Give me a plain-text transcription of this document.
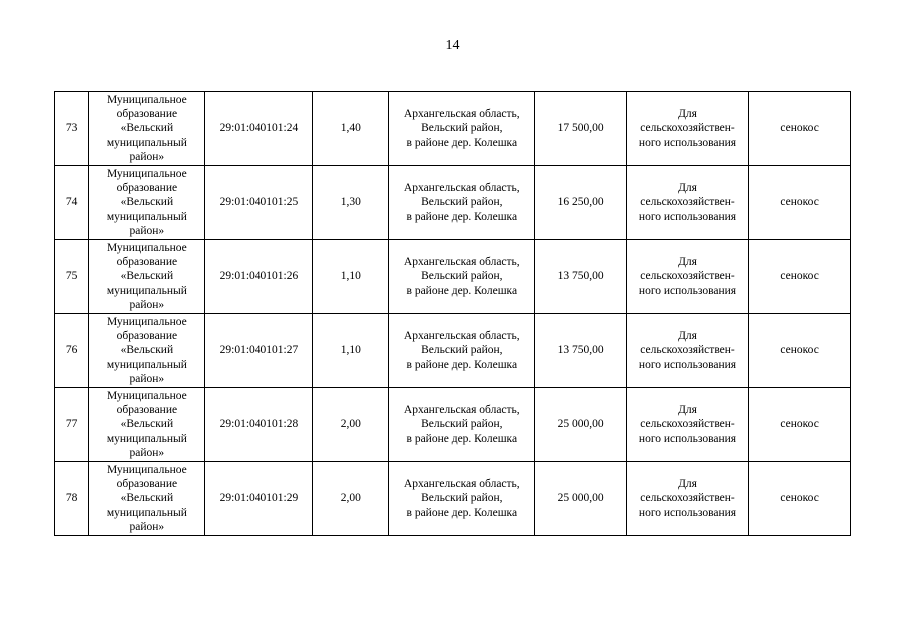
14
73	Муниципальное
образование
«Вельский
муниципальный
район»	29:01:040101:24	1,40	Архангельская область,
Вельский район,
в районе дер. Колешка	17 500,00	Для
сельскохозяйствен-
ного использования	сенокос
74	Муниципальное
образование
«Вельский
муниципальный
район»	29:01:040101:25	1,30	Архангельская область,
Вельский район,
в районе дер. Колешка	16 250,00	Для
сельскохозяйствен-
ного использования	сенокос
75	Муниципальное
образование
«Вельский
муниципальный
район»	29:01:040101:26	1,10	Архангельская область,
Вельский район,
в районе дер. Колешка	13 750,00	Для
сельскохозяйствен-
ного использования	сенокос
76	Муниципальное
образование
«Вельский
муниципальный
район»	29:01:040101:27	1,10	Архангельская область,
Вельский район,
в районе дер. Колешка	13 750,00	Для
сельскохозяйствен-
ного использования	сенокос
77	Муниципальное
образование
«Вельский
муниципальный
район»	29:01:040101:28	2,00	Архангельская область,
Вельский район,
в районе дер. Колешка	25 000,00	Для
сельскохозяйствен-
ного использования	сенокос
78	Муниципальное
образование
«Вельский
муниципальный
район»	29:01:040101:29	2,00	Архангельская область,
Вельский район,
в районе дер. Колешка	25 000,00	Для
сельскохозяйствен-
ного использования	сенокос
